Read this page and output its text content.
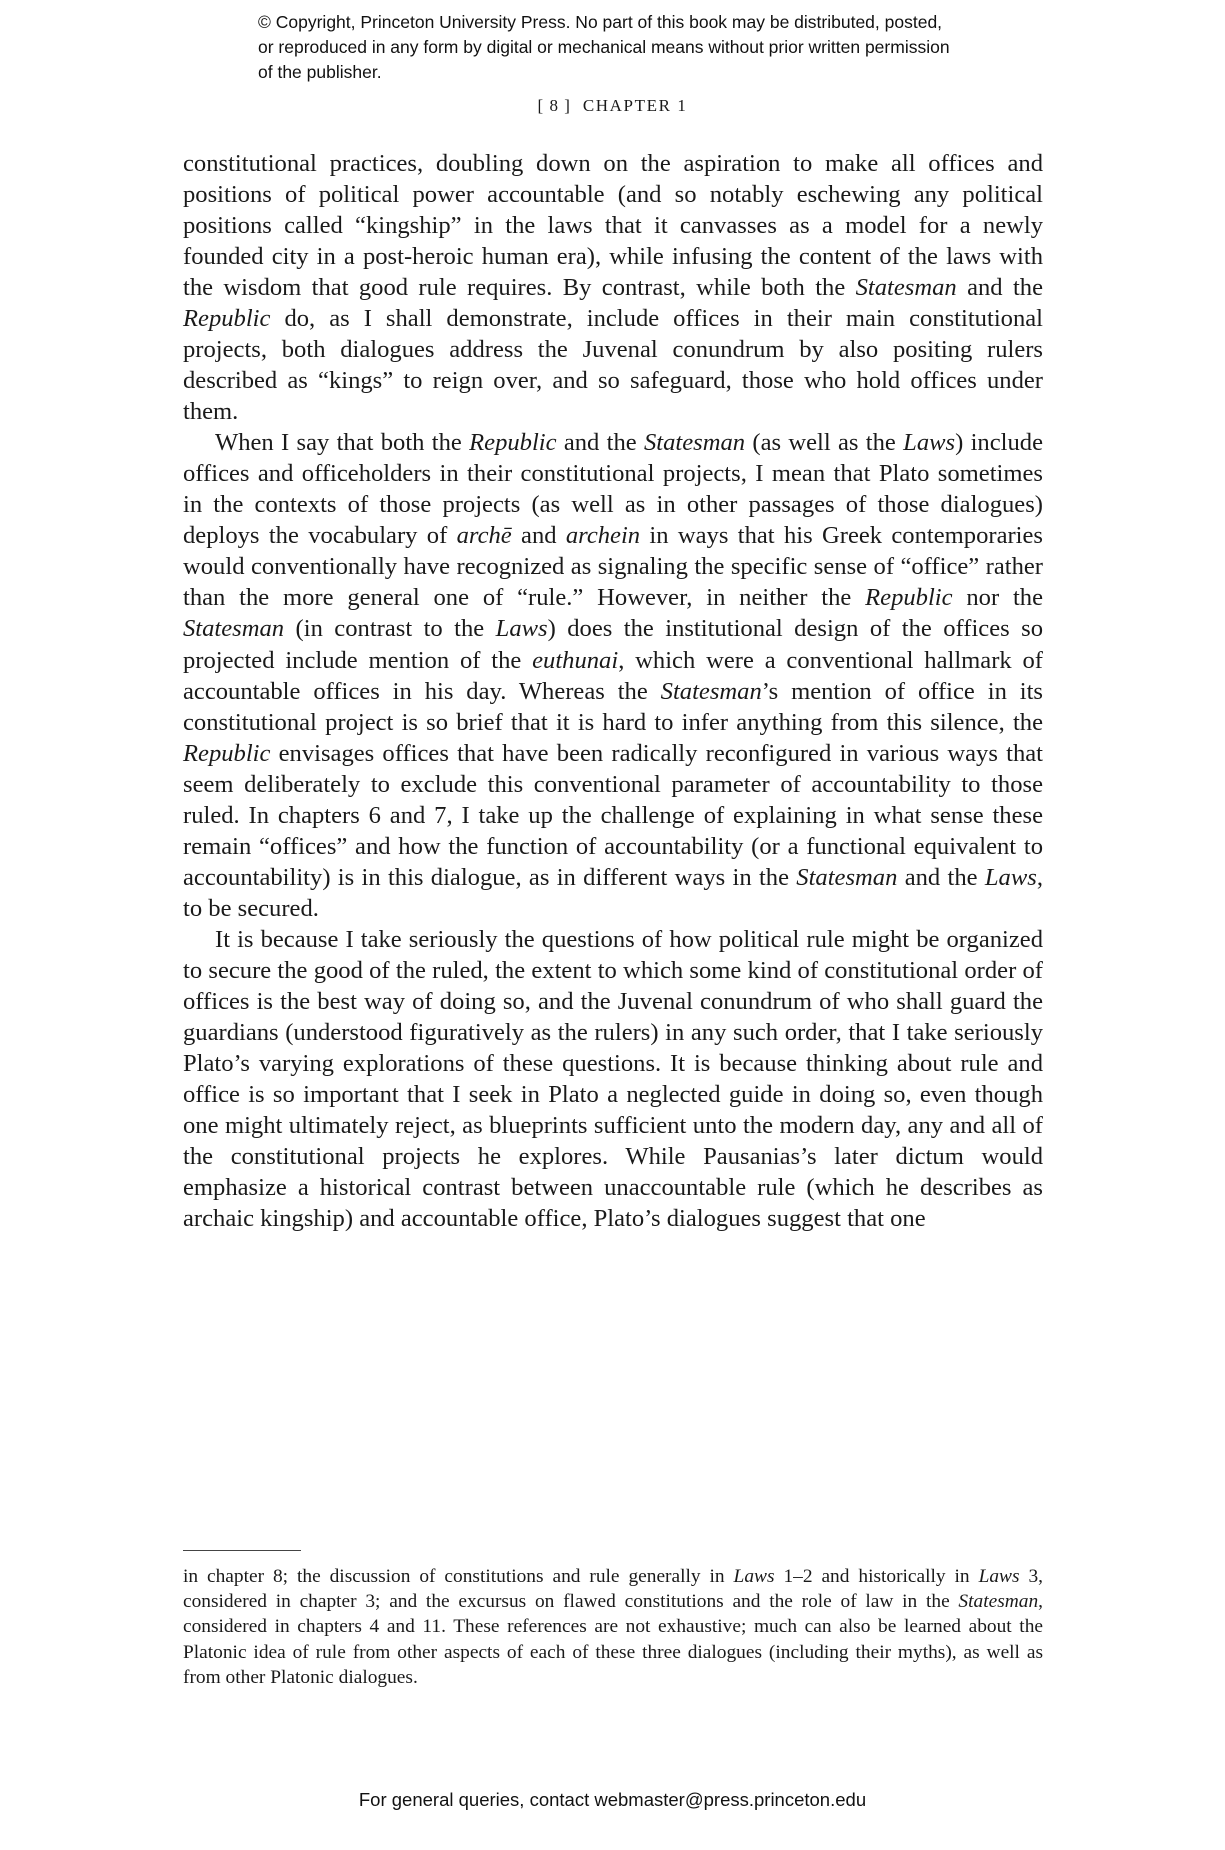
© Copyright, Princeton University Press. No part of this book may be distributed, posted, or reproduced in any form by digital or mechanical means without prior written permission of the publisher.
[ 8 ] CHAPTER 1

constitutional practices, doubling down on the aspiration to make all offices and positions of political power accountable (and so notably eschewing any political positions called “kingship” in the laws that it canvasses as a model for a newly founded city in a post-heroic human era), while infusing the content of the laws with the wisdom that good rule requires. By contrast, while both the Statesman and the Republic do, as I shall demonstrate, include offices in their main constitutional projects, both dialogues address the Juvenal conundrum by also positing rulers described as “kings” to reign over, and so safeguard, those who hold offices under them.

When I say that both the Republic and the Statesman (as well as the Laws) include offices and officeholders in their constitutional projects, I mean that Plato sometimes in the contexts of those projects (as well as in other passages of those dialogues) deploys the vocabulary of archē and archein in ways that his Greek contemporaries would conventionally have recognized as signaling the specific sense of “office” rather than the more general one of “rule.” However, in neither the Republic nor the Statesman (in contrast to the Laws) does the institutional design of the offices so projected include mention of the euthunai, which were a conventional hallmark of accountable offices in his day. Whereas the Statesman’s mention of office in its constitutional project is so brief that it is hard to infer anything from this silence, the Republic envisages offices that have been radically reconfigured in various ways that seem deliberately to exclude this conventional parameter of accountability to those ruled. In chapters 6 and 7, I take up the challenge of explaining in what sense these remain “offices” and how the function of accountability (or a functional equivalent to accountability) is in this dialogue, as in different ways in the Statesman and the Laws, to be secured.

It is because I take seriously the questions of how political rule might be organized to secure the good of the ruled, the extent to which some kind of constitutional order of offices is the best way of doing so, and the Juvenal conundrum of who shall guard the guardians (understood figuratively as the rulers) in any such order, that I take seriously Plato’s varying explorations of these questions. It is because thinking about rule and office is so important that I seek in Plato a neglected guide in doing so, even though one might ultimately reject, as blueprints sufficient unto the modern day, any and all of the constitutional projects he explores. While Pausanias’s later dictum would emphasize a historical contrast between unaccountable rule (which he describes as archaic kingship) and accountable office, Plato’s dialogues suggest that one

in chapter 8; the discussion of constitutions and rule generally in Laws 1–2 and historically in Laws 3, considered in chapter 3; and the excursus on flawed constitutions and the role of law in the Statesman, considered in chapters 4 and 11. These references are not exhaustive; much can also be learned about the Platonic idea of rule from other aspects of each of these three dialogues (including their myths), as well as from other Platonic dialogues.

For general queries, contact webmaster@press.princeton.edu
